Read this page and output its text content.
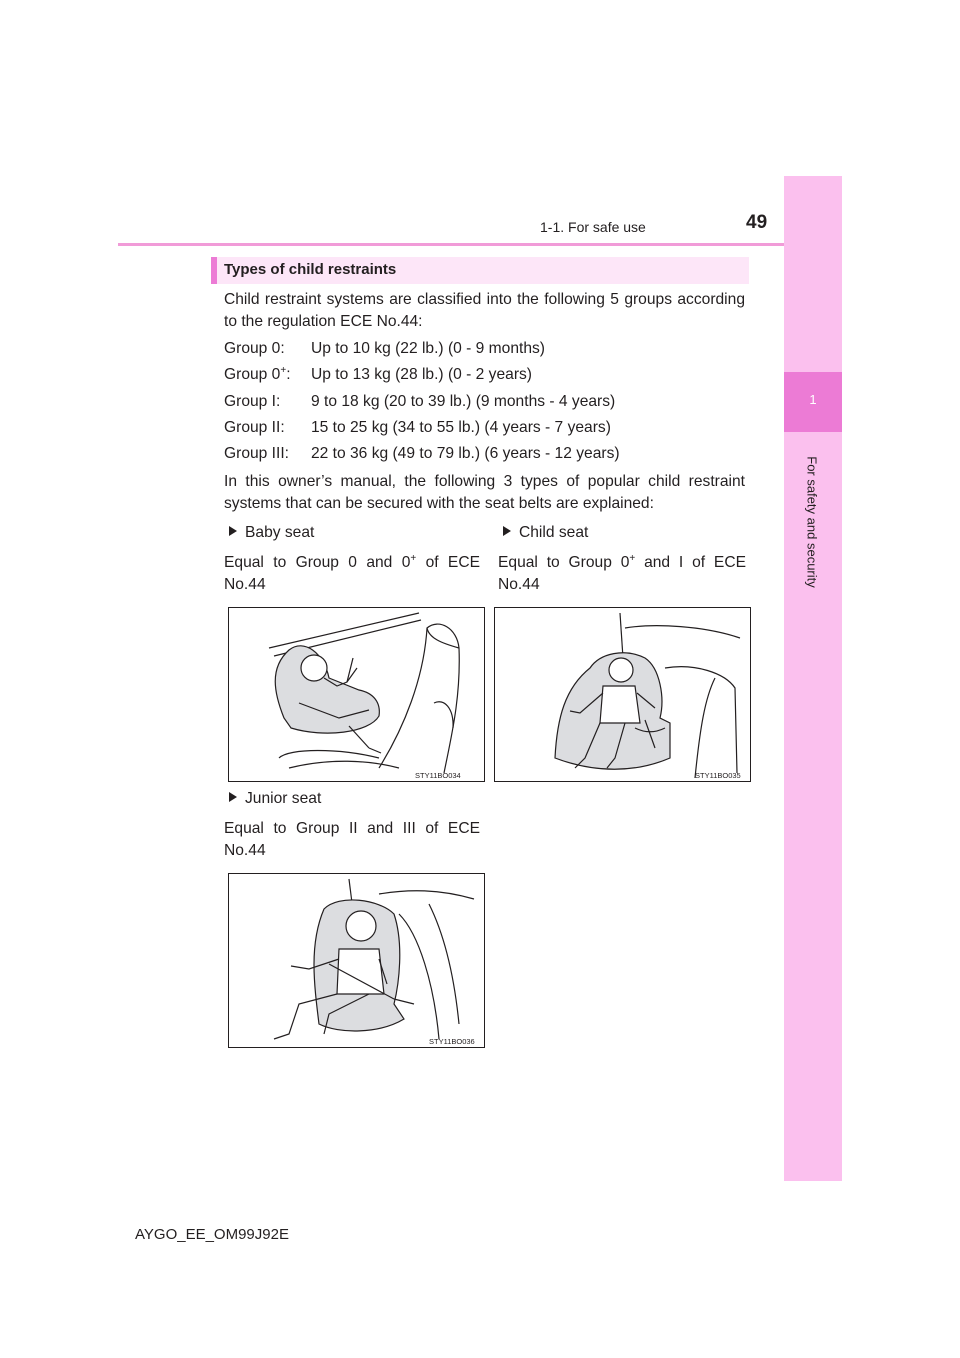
1-1. For safe use	49
1
For safety and security
Types of child restraints
Child restraint systems are classified into the following 5 groups according to the regulation ECE No.44:
Group 0: Up to 10 kg (22 lb.) (0 - 9 months)
Group 0+: Up to 13 kg (28 lb.) (0 - 2 years)
Group I: 9 to 18 kg (20 to 39 lb.) (9 months - 4 years)
Group II: 15 to 25 kg (34 to 55 lb.) (4 years - 7 years)
Group III: 22 to 36 kg (49 to 79 lb.) (6 years - 12 years)
In this owner’s manual, the following 3 types of popular child restraint systems that can be secured with the seat belts are explained:
Baby seat
Equal to Group 0 and 0+ of ECE No.44
Child seat
Equal to Group 0+ and I of ECE No.44
STY11BO034	STY11BO035
Junior seat
Equal to Group II and III of ECE No.44
STY11BO036
AYGO_EE_OM99J92E
